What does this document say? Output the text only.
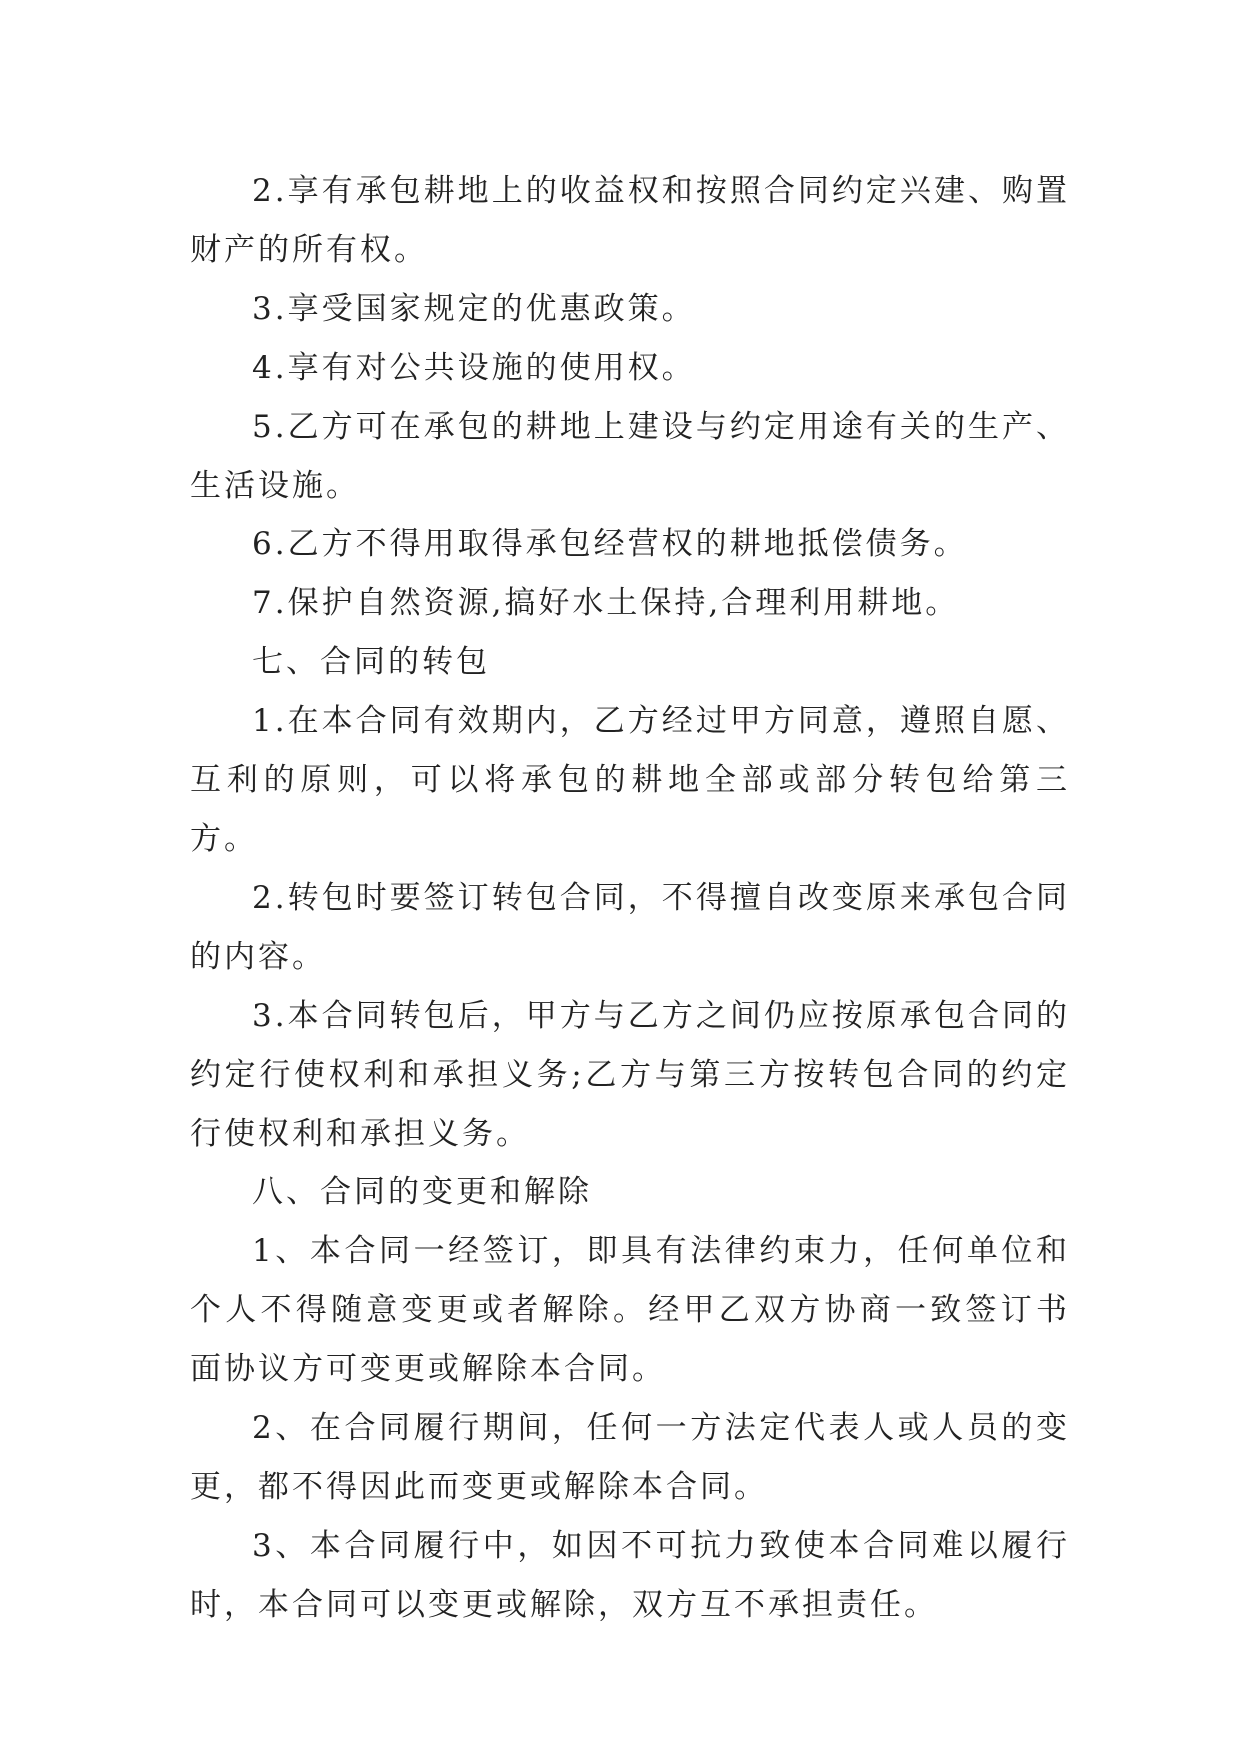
2.享有承包耕地上的收益权和按照合同约定兴建、购置财产的所有权。

3.享受国家规定的优惠政策。

4.享有对公共设施的使用权。

5.乙方可在承包的耕地上建设与约定用途有关的生产、生活设施。

6.乙方不得用取得承包经营权的耕地抵偿债务。

7.保护自然资源,搞好水土保持,合理利用耕地。

七、合同的转包

1.在本合同有效期内，乙方经过甲方同意，遵照自愿、互利的原则，可以将承包的耕地全部或部分转包给第三方。

2.转包时要签订转包合同，不得擅自改变原来承包合同的内容。

3.本合同转包后，甲方与乙方之间仍应按原承包合同的约定行使权利和承担义务;乙方与第三方按转包合同的约定行使权利和承担义务。

八、合同的变更和解除

1、本合同一经签订，即具有法律约束力，任何单位和个人不得随意变更或者解除。经甲乙双方协商一致签订书面协议方可变更或解除本合同。

2、在合同履行期间，任何一方法定代表人或人员的变更，都不得因此而变更或解除本合同。

3、本合同履行中，如因不可抗力致使本合同难以履行时，本合同可以变更或解除，双方互不承担责任。
